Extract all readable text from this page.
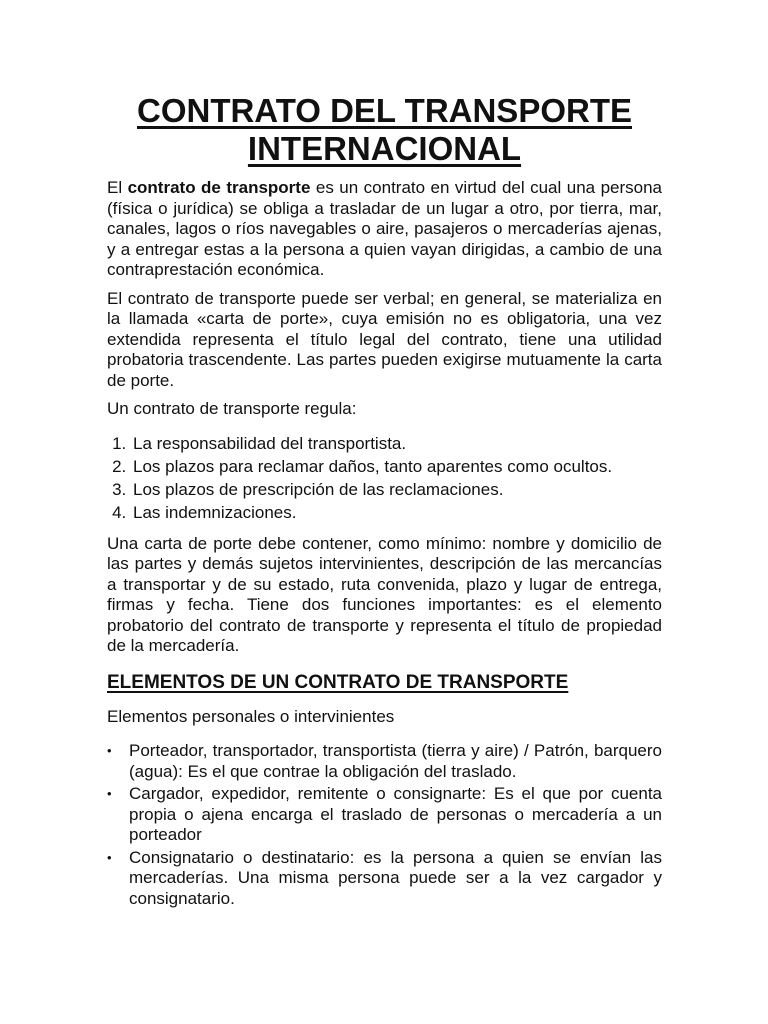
CONTRATO DEL TRANSPORTE
INTERNACIONAL

El contrato de transporte es un contrato en virtud del cual una persona (física o jurídica) se obliga a trasladar de un lugar a otro, por tierra, mar, canales, lagos o ríos navegables o aire, pasajeros o mercaderías ajenas, y a entregar estas a la persona a quien vayan dirigidas, a cambio de una contraprestación económica.

El contrato de transporte puede ser verbal; en general, se materializa en la llamada «carta de porte», cuya emisión no es obligatoria, una vez extendida representa el título legal del contrato, tiene una utilidad probatoria trascendente. Las partes pueden exigirse mutuamente la carta de porte.

Un contrato de transporte regula:

1. La responsabilidad del transportista.
2. Los plazos para reclamar daños, tanto aparentes como ocultos.
3. Los plazos de prescripción de las reclamaciones.
4. Las indemnizaciones.

Una carta de porte debe contener, como mínimo: nombre y domicilio de las partes y demás sujetos intervinientes, descripción de las mercancías a transportar y de su estado, ruta convenida, plazo y lugar de entrega, firmas y fecha. Tiene dos funciones importantes: es el elemento probatorio del contrato de transporte y representa el título de propiedad de la mercadería.

ELEMENTOS DE UN CONTRATO DE TRANSPORTE

Elementos personales o intervinientes

• Porteador, transportador, transportista (tierra y aire) / Patrón, barquero (agua): Es el que contrae la obligación del traslado.
• Cargador, expedidor, remitente o consignarte: Es el que por cuenta propia o ajena encarga el traslado de personas o mercadería a un porteador
• Consignatario o destinatario: es la persona a quien se envían las mercaderías. Una misma persona puede ser a la vez cargador y consignatario.
